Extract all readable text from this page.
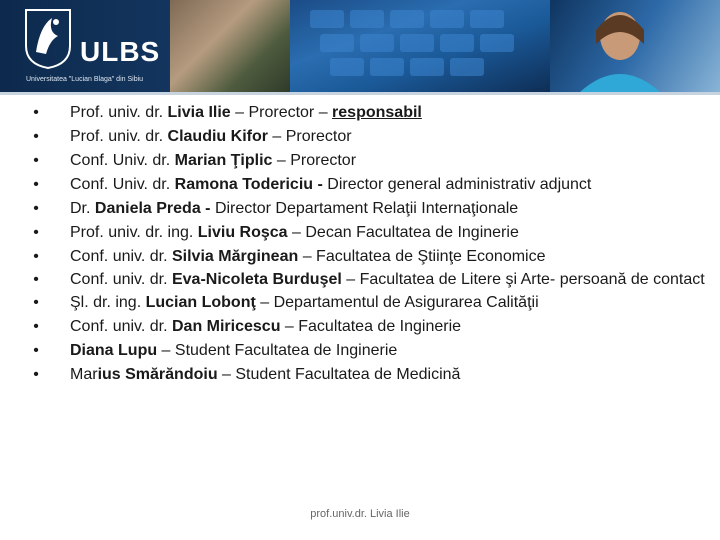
ULBS
Universitatea "Lucian Blaga" din Sibiu
• Prof. univ. dr. Livia Ilie – Prorector – responsabil
• Prof. univ. dr. Claudiu Kifor – Prorector
• Conf. Univ. dr. Marian Ţiplic – Prorector
• Conf. Univ. dr. Ramona Todericiu - Director general administrativ adjunct
• Dr. Daniela Preda - Director Departament Relaţii Internaţionale
• Prof. univ. dr. ing. Liviu Roşca – Decan Facultatea de Inginerie
• Conf. univ. dr. Silvia Mărginean – Facultatea de Ştiinţe Economice
• Conf. univ. dr. Eva-Nicoleta Burduşel – Facultatea de Litere şi Arte- persoană de contact
• Şl. dr. ing. Lucian Lobonţ – Departamentul de Asigurarea Calităţii
• Conf. univ. dr. Dan Miricescu – Facultatea de Inginerie
• Diana Lupu – Student Facultatea de Inginerie
• Marius Smărăndoiu – Student Facultatea de Medicină
prof.univ.dr. Livia Ilie
